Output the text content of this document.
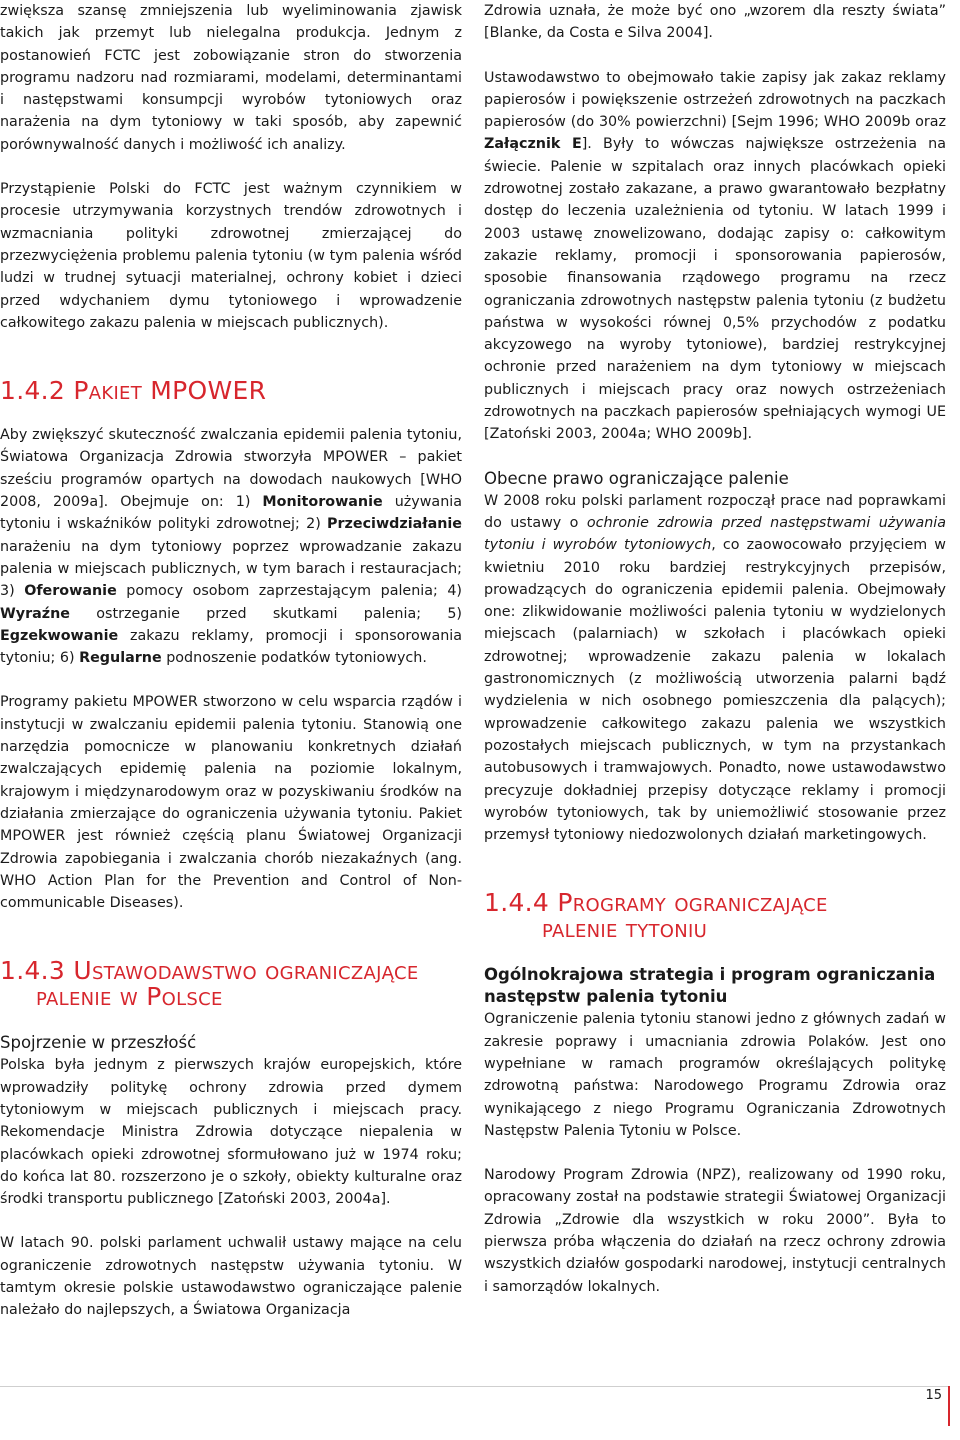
zwiększa szansę zmniejszenia lub wyeliminowania zjawisk takich jak przemyt lub nielegalna produkcja. Jednym z postanowień FCTC jest zobowiązanie stron do stworzenia programu nadzoru nad rozmiarami, modelami, determinantami i następstwami konsumpcji wyrobów tytoniowych oraz narażenia na dym tytoniowy w taki sposób, aby zapewnić porównywalność danych i możliwość ich analizy.

Przystąpienie Polski do FCTC jest ważnym czynnikiem w procesie utrzymywania korzystnych trendów zdrowotnych i wzmacniania polityki zdrowotnej zmierzającej do przezwyciężenia problemu palenia tytoniu (w tym palenia wśród ludzi w trudnej sytuacji materialnej, ochrony kobiet i dzieci przed wdychaniem dymu tytoniowego i wprowadzenie całkowitego zakazu palenia w miejscach publicznych).

1.4.2 Pakiet MPOWER

Aby zwiększyć skuteczność zwalczania epidemii palenia tytoniu, Światowa Organizacja Zdrowia stworzyła MPOWER – pakiet sześciu programów opartych na dowodach naukowych [WHO 2008, 2009a]. Obejmuje on: 1) Monitorowanie używania tytoniu i wskaźników polityki zdrowotnej; 2) Przeciwdziałanie narażeniu na dym tytoniowy poprzez wprowadzanie zakazu palenia w miejscach publicznych, w tym barach i restauracjach; 3) Oferowanie pomocy osobom zaprzestającym palenia; 4) Wyraźne ostrzeganie przed skutkami palenia; 5) Egzekwowanie zakazu reklamy, promocji i sponsorowania tytoniu; 6) Regularne podnoszenie podatków tytoniowych.

Programy pakietu MPOWER stworzono w celu wsparcia rządów i instytucji w zwalczaniu epidemii palenia tytoniu. Stanowią one narzędzia pomocnicze w planowaniu konkretnych działań zwalczających epidemię palenia na poziomie lokalnym, krajowym i międzynarodowym oraz w pozyskiwaniu środków na działania zmierzające do ograniczenia używania tytoniu. Pakiet MPOWER jest również częścią planu Światowej Organizacji Zdrowia zapobiegania i zwalczania chorób niezakaźnych (ang. WHO Action Plan for the Prevention and Control of Non-communicable Diseases).

1.4.3 Ustawodawstwo ograniczające
palenie w Polsce
Spojrzenie w przeszłość

Polska była jednym z pierwszych krajów europejskich, które wprowadziły politykę ochrony zdrowia przed dymem tytoniowym w miejscach publicznych i miejscach pracy. Rekomendacje Ministra Zdrowia dotyczące niepalenia w placówkach opieki zdrowotnej sformułowano już w 1974 roku; do końca lat 80. rozszerzono je o szkoły, obiekty kulturalne oraz środki transportu publicznego [Zatoński 2003, 2004a].

W latach 90. polski parlament uchwalił ustawy mające na celu ograniczenie zdrowotnych następstw używania tytoniu. W tamtym okresie polskie ustawodawstwo ograniczające palenie należało do najlepszych, a Światowa Organizacja

Zdrowia uznała, że może być ono „wzorem dla reszty świata” [Blanke, da Costa e Silva 2004].

Ustawodawstwo to obejmowało takie zapisy jak zakaz reklamy papierosów i powiększenie ostrzeżeń zdrowotnych na paczkach papierosów (do 30% powierzchni) [Sejm 1996; WHO 2009b oraz Załącznik E]. Były to wówczas największe ostrzeżenia na świecie. Palenie w szpitalach oraz innych placówkach opieki zdrowotnej zostało zakazane, a prawo gwarantowało bezpłatny dostęp do leczenia uzależnienia od tytoniu. W latach 1999 i 2003 ustawę znowelizowano, dodając zapisy o: całkowitym zakazie reklamy, promocji i sponsorowania papierosów, sposobie finansowania rządowego programu na rzecz ograniczania zdrowotnych następstw palenia tytoniu (z budżetu państwa w wysokości równej 0,5% przychodów z podatku akcyzowego na wyroby tytoniowe), bardziej restrykcyjnej ochronie przed narażeniem na dym tytoniowy w miejscach publicznych i miejscach pracy oraz nowych ostrzeżeniach zdrowotnych na paczkach papierosów spełniających wymogi UE [Zatoński 2003, 2004a; WHO 2009b].

Obecne prawo ograniczające palenie

W 2008 roku polski parlament rozpoczął prace nad poprawkami do ustawy o ochronie zdrowia przed następstwami używania tytoniu i wyrobów tytoniowych, co zaowocowało przyjęciem w kwietniu 2010 roku bardziej restrykcyjnych przepisów, prowadzących do ograniczenia epidemii palenia. Obejmowały one: zlikwidowanie możliwości palenia tytoniu w wydzielonych miejscach (palarniach) w szkołach i placówkach opieki zdrowotnej; wprowadzenie zakazu palenia w lokalach gastronomicznych (z możliwością utworzenia palarni bądź wydzielenia w nich osobnego pomieszczenia dla palących); wprowadzenie całkowitego zakazu palenia we wszystkich pozostałych miejscach publicznych, w tym na przystankach autobusowych i tramwajowych. Ponadto, nowe ustawodawstwo precyzuje dokładniej przepisy dotyczące reklamy i promocji wyrobów tytoniowych, tak by uniemożliwić stosowanie przez przemysł tytoniowy niedozwolonych działań marketingowych.

1.4.4 Programy ograniczające
palenie tytoniu
Ogólnokrajowa strategia i program ograniczania następstw palenia tytoniu

Ograniczenie palenia tytoniu stanowi jedno z głównych zadań w zakresie poprawy i umacniania zdrowia Polaków. Jest ono wypełniane w ramach programów określających politykę zdrowotną państwa: Narodowego Programu Zdrowia oraz wynikającego z niego Programu Ograniczania Zdrowotnych Następstw Palenia Tytoniu w Polsce.

Narodowy Program Zdrowia (NPZ), realizowany od 1990 roku, opracowany został na podstawie strategii Światowej Organizacji Zdrowia „Zdrowie dla wszystkich w roku 2000”. Była to pierwsza próba włączenia do działań na rzecz ochrony zdrowia wszystkich działów gospodarki narodowej, instytucji centralnych i samorządów lokalnych.

15
